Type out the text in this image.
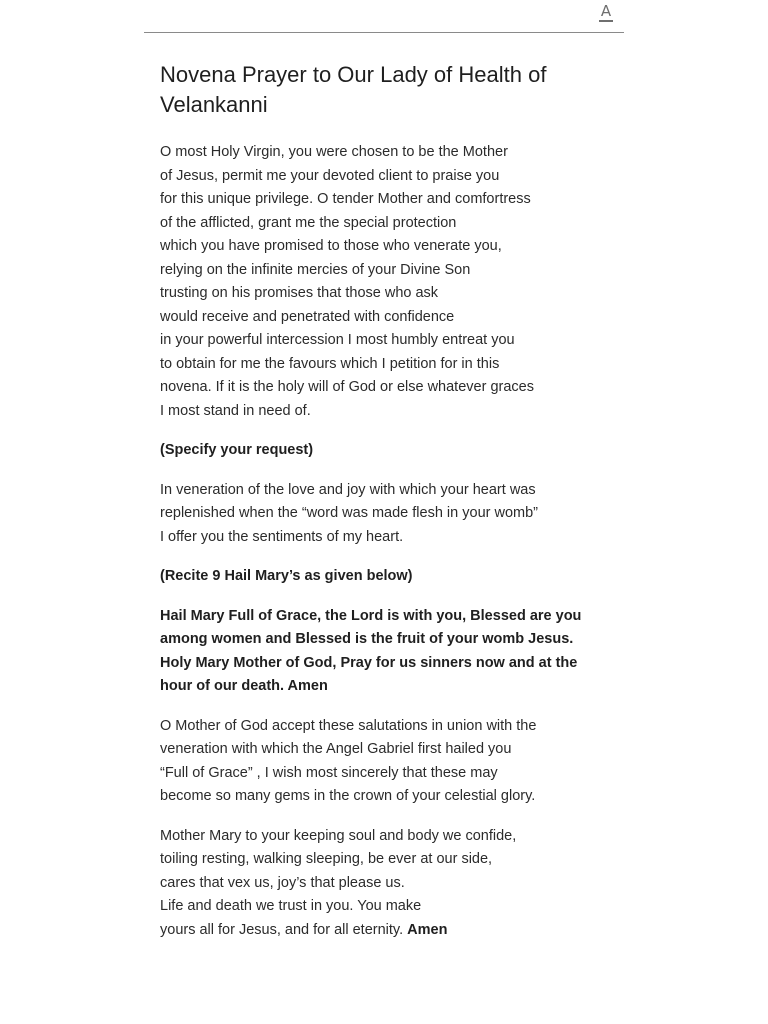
A
Novena Prayer to Our Lady of Health of Velankanni

O most Holy Virgin, you were chosen to be the Mother
of Jesus, permit me your devoted client to praise you
for this unique privilege. O tender Mother and comfortress
of the afflicted, grant me the special protection
which you have promised to those who venerate you,
relying on the infinite mercies of your Divine Son
trusting on his promises that those who ask
would receive and penetrated with confidence
in your powerful intercession I most humbly entreat you
to obtain for me the favours which I petition for in this
novena. If it is the holy will of God or else whatever graces
I most stand in need of.

(Specify your request)

In veneration of the love and joy with which your heart was
replenished when the “word was made flesh in your womb”
I offer you the sentiments of my heart.

(Recite 9 Hail Mary’s as given below)

Hail Mary Full of Grace, the Lord is with you, Blessed are you among women and Blessed is the fruit of your womb Jesus.

Holy Mary Mother of God, Pray for us sinners now and at the hour of our death. Amen

O Mother of God accept these salutations in union with the
veneration with which the Angel Gabriel first hailed you
“Full of Grace” , I wish most sincerely that these may
become so many gems in the crown of your celestial glory.

Mother Mary to your keeping soul and body we confide,
toiling resting, walking sleeping, be ever at our side,
cares that vex us, joy’s that please us.
Life and death we trust in you. You make
yours all for Jesus, and for all eternity. Amen
